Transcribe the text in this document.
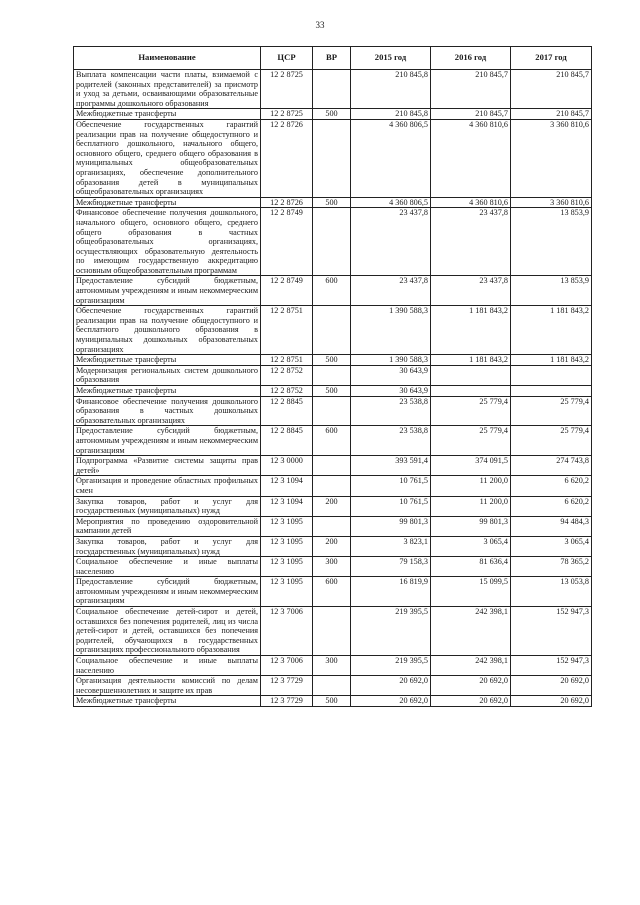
33
Наименование	ЦСР	ВР	2015 год	2016 год	2017 год
Выплата компенсации части платы, взимаемой с родителей (законных представителей) за присмотр и уход за детьми, осваивающими образовательные программы дошкольного образования	12 2 8725		210 845,8	210 845,7	210 845,7
Межбюджетные трансферты	12 2 8725	500	210 845,8	210 845,7	210 845,7
Обеспечение государственных гарантий реализации прав на получение общедоступного и бесплатного дошкольного, начального общего, основного общего, среднего общего образования в муниципальных общеобразовательных организациях, обеспечение дополнительного образования детей в муниципальных общеобразовательных организациях	12 2 8726		4 360 806,5	4 360 810,6	3 360 810,6
Межбюджетные трансферты	12 2 8726	500	4 360 806,5	4 360 810,6	3 360 810,6
Финансовое обеспечение получения дошкольного, начального общего, основного общего, среднего общего образования в частных общеобразовательных организациях, осуществляющих образовательную деятельность по имеющим государственную аккредитацию основным общеобразовательным программам	12 2 8749		23 437,8	23 437,8	13 853,9
Предоставление субсидий бюджетным, автономным учреждениям и иным некоммерческим организациям	12 2 8749	600	23 437,8	23 437,8	13 853,9
Обеспечение государственных гарантий реализации прав на получение общедоступного и бесплатного дошкольного образования в муниципальных дошкольных образовательных организациях	12 2 8751		1 390 588,3	1 181 843,2	1 181 843,2
Межбюджетные трансферты	12 2 8751	500	1 390 588,3	1 181 843,2	1 181 843,2
Модернизация региональных систем дошкольного образования	12 2 8752		30 643,9		
Межбюджетные трансферты	12 2 8752	500	30 643,9		
Финансовое обеспечение получения дошкольного образования в частных дошкольных образовательных организациях	12 2 8845		23 538,8	25 779,4	25 779,4
Предоставление субсидий бюджетным, автономным учреждениям и иным некоммерческим организациям	12 2 8845	600	23 538,8	25 779,4	25 779,4
Подпрограмма «Развитие системы защиты прав детей»	12 3 0000		393 591,4	374 091,5	274 743,8
Организация и проведение областных профильных смен	12 3 1094		10 761,5	11 200,0	6 620,2
Закупка товаров, работ и услуг для государственных (муниципальных) нужд	12 3 1094	200	10 761,5	11 200,0	6 620,2
Мероприятия по проведению оздоровительной кампании детей	12 3 1095		99 801,3	99 801,3	94 484,3
Закупка товаров, работ и услуг для государственных (муниципальных) нужд	12 3 1095	200	3 823,1	3 065,4	3 065,4
Социальное обеспечение и иные выплаты населению	12 3 1095	300	79 158,3	81 636,4	78 365,2
Предоставление субсидий бюджетным, автономным учреждениям и иным некоммерческим организациям	12 3 1095	600	16 819,9	15 099,5	13 053,8
Социальное обеспечение детей-сирот и детей, оставшихся без попечения родителей, лиц из числа детей-сирот и детей, оставшихся без попечения родителей, обучающихся в государственных организациях профессионального образования	12 3 7006		219 395,5	242 398,1	152 947,3
Социальное обеспечение и иные выплаты населению	12 3 7006	300	219 395,5	242 398,1	152 947,3
Организация деятельности комиссий по делам несовершеннолетних и защите их прав	12 3 7729		20 692,0	20 692,0	20 692,0
Межбюджетные трансферты	12 3 7729	500	20 692,0	20 692,0	20 692,0
